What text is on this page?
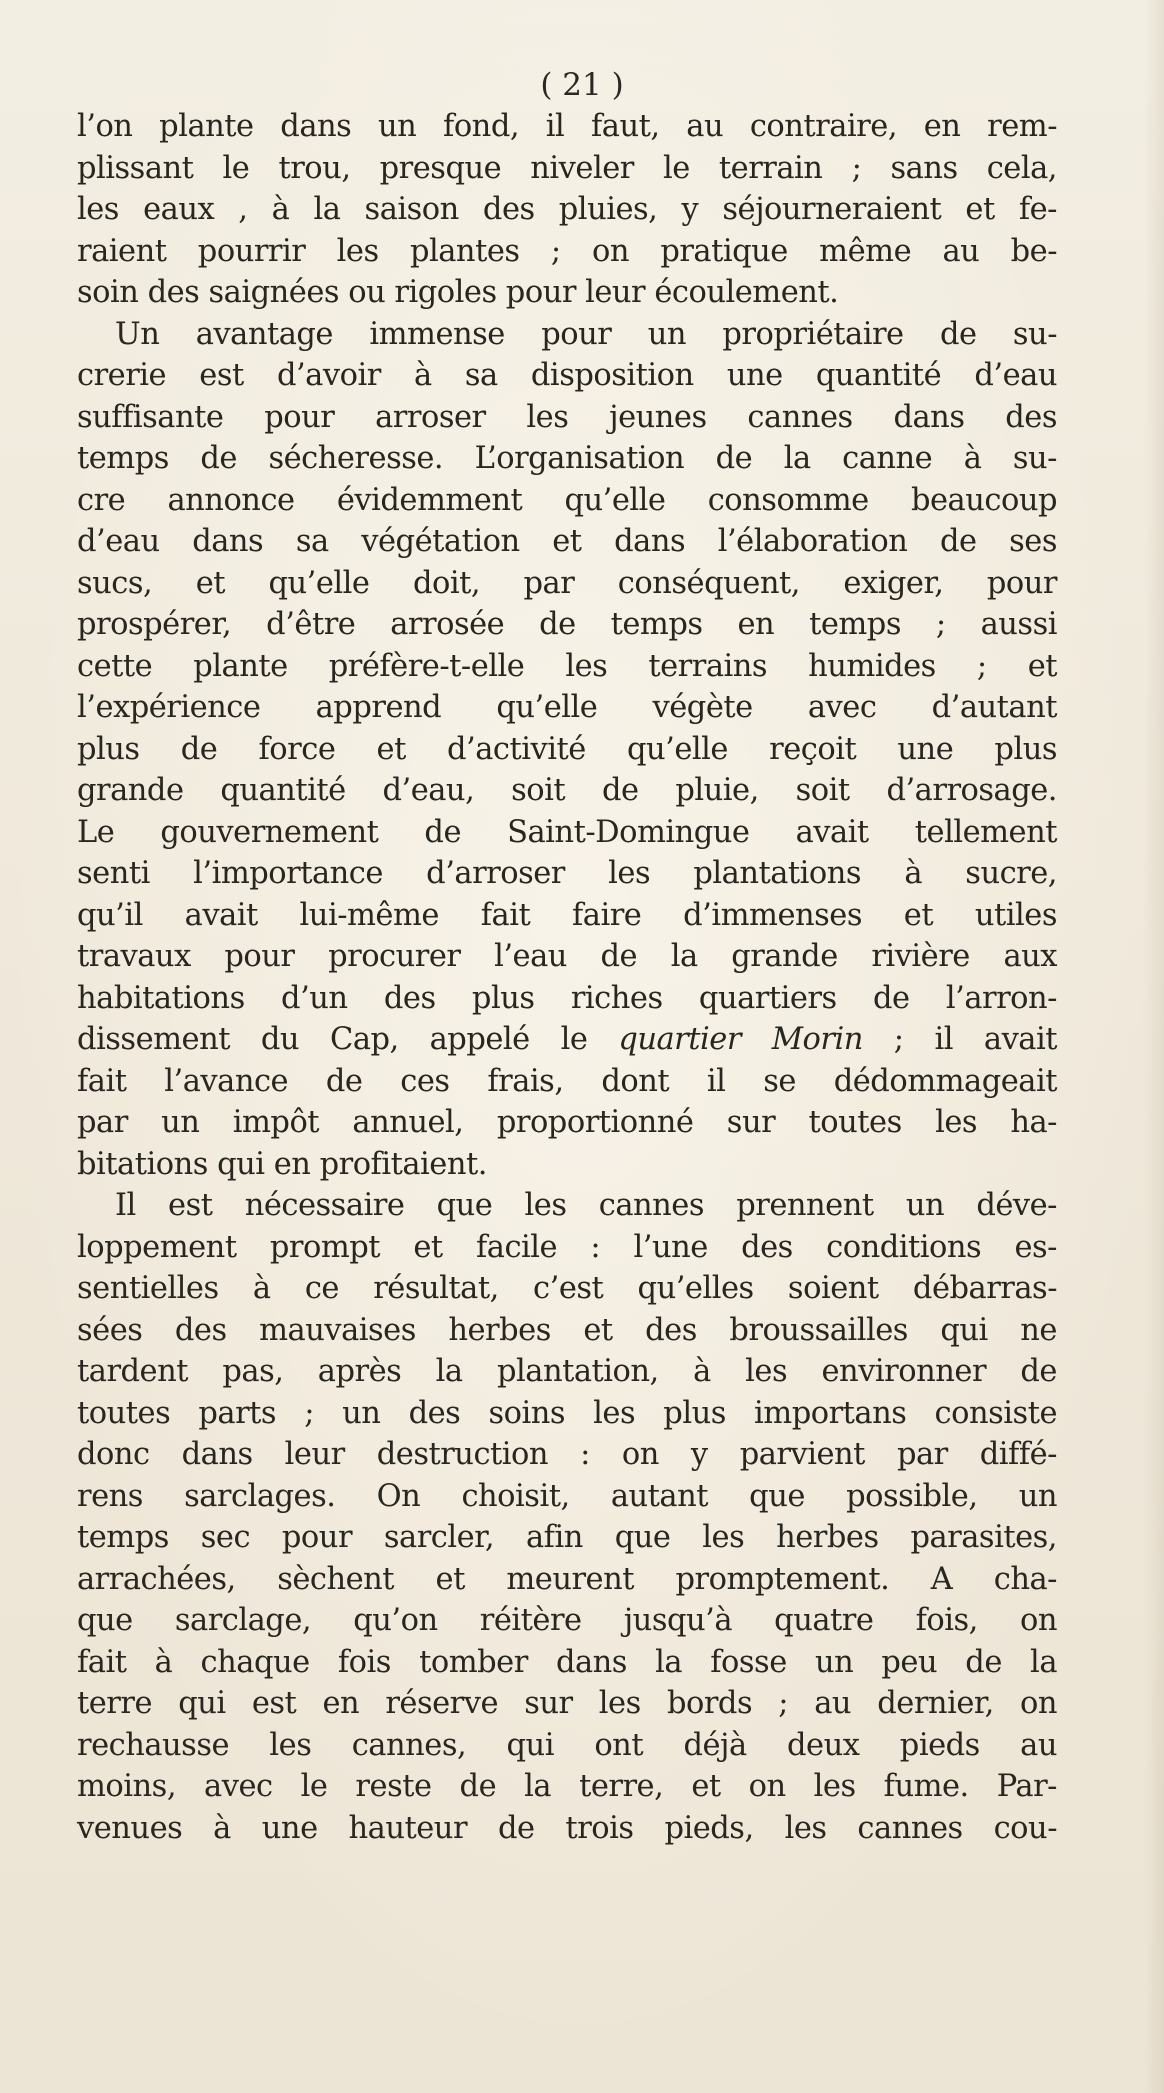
( 21 )
l’on plante dans un fond, il faut, au contraire, en rem-
plissant le trou, presque niveler le terrain ; sans cela,
les eaux , à la saison des pluies, y séjourneraient et fe-
raient pourrir les plantes ; on pratique même au be-
soin des saignées ou rigoles pour leur écoulement.
Un avantage immense pour un propriétaire de su-
crerie est d’avoir à sa disposition une quantité d’eau
suffisante pour arroser les jeunes cannes dans des
temps de sécheresse. L’organisation de la canne à su-
cre annonce évidemment qu’elle consomme beaucoup
d’eau dans sa végétation et dans l’élaboration de ses
sucs, et qu’elle doit, par conséquent, exiger, pour
prospérer, d’être arrosée de temps en temps ; aussi
cette plante préfère-t-elle les terrains humides ; et
l’expérience apprend qu’elle végète avec d’autant
plus de force et d’activité qu’elle reçoit une plus
grande quantité d’eau, soit de pluie, soit d’arrosage.
Le gouvernement de Saint-Domingue avait tellement
senti l’importance d’arroser les plantations à sucre,
qu’il avait lui-même fait faire d’immenses et utiles
travaux pour procurer l’eau de la grande rivière aux
habitations d’un des plus riches quartiers de l’arron-
dissement du Cap, appelé le quartier Morin ; il avait
fait l’avance de ces frais, dont il se dédommageait
par un impôt annuel, proportionné sur toutes les ha-
bitations qui en profitaient.
Il est nécessaire que les cannes prennent un déve-
loppement prompt et facile : l’une des conditions es-
sentielles à ce résultat, c’est qu’elles soient débarras-
sées des mauvaises herbes et des broussailles qui ne
tardent pas, après la plantation, à les environner de
toutes parts ; un des soins les plus importans consiste
donc dans leur destruction : on y parvient par diffé-
rens sarclages. On choisit, autant que possible, un
temps sec pour sarcler, afin que les herbes parasites,
arrachées, sèchent et meurent promptement. A cha-
que sarclage, qu’on réitère jusqu’à quatre fois, on
fait à chaque fois tomber dans la fosse un peu de la
terre qui est en réserve sur les bords ; au dernier, on
rechausse les cannes, qui ont déjà deux pieds au
moins, avec le reste de la terre, et on les fume. Par-
venues à une hauteur de trois pieds, les cannes cou-
